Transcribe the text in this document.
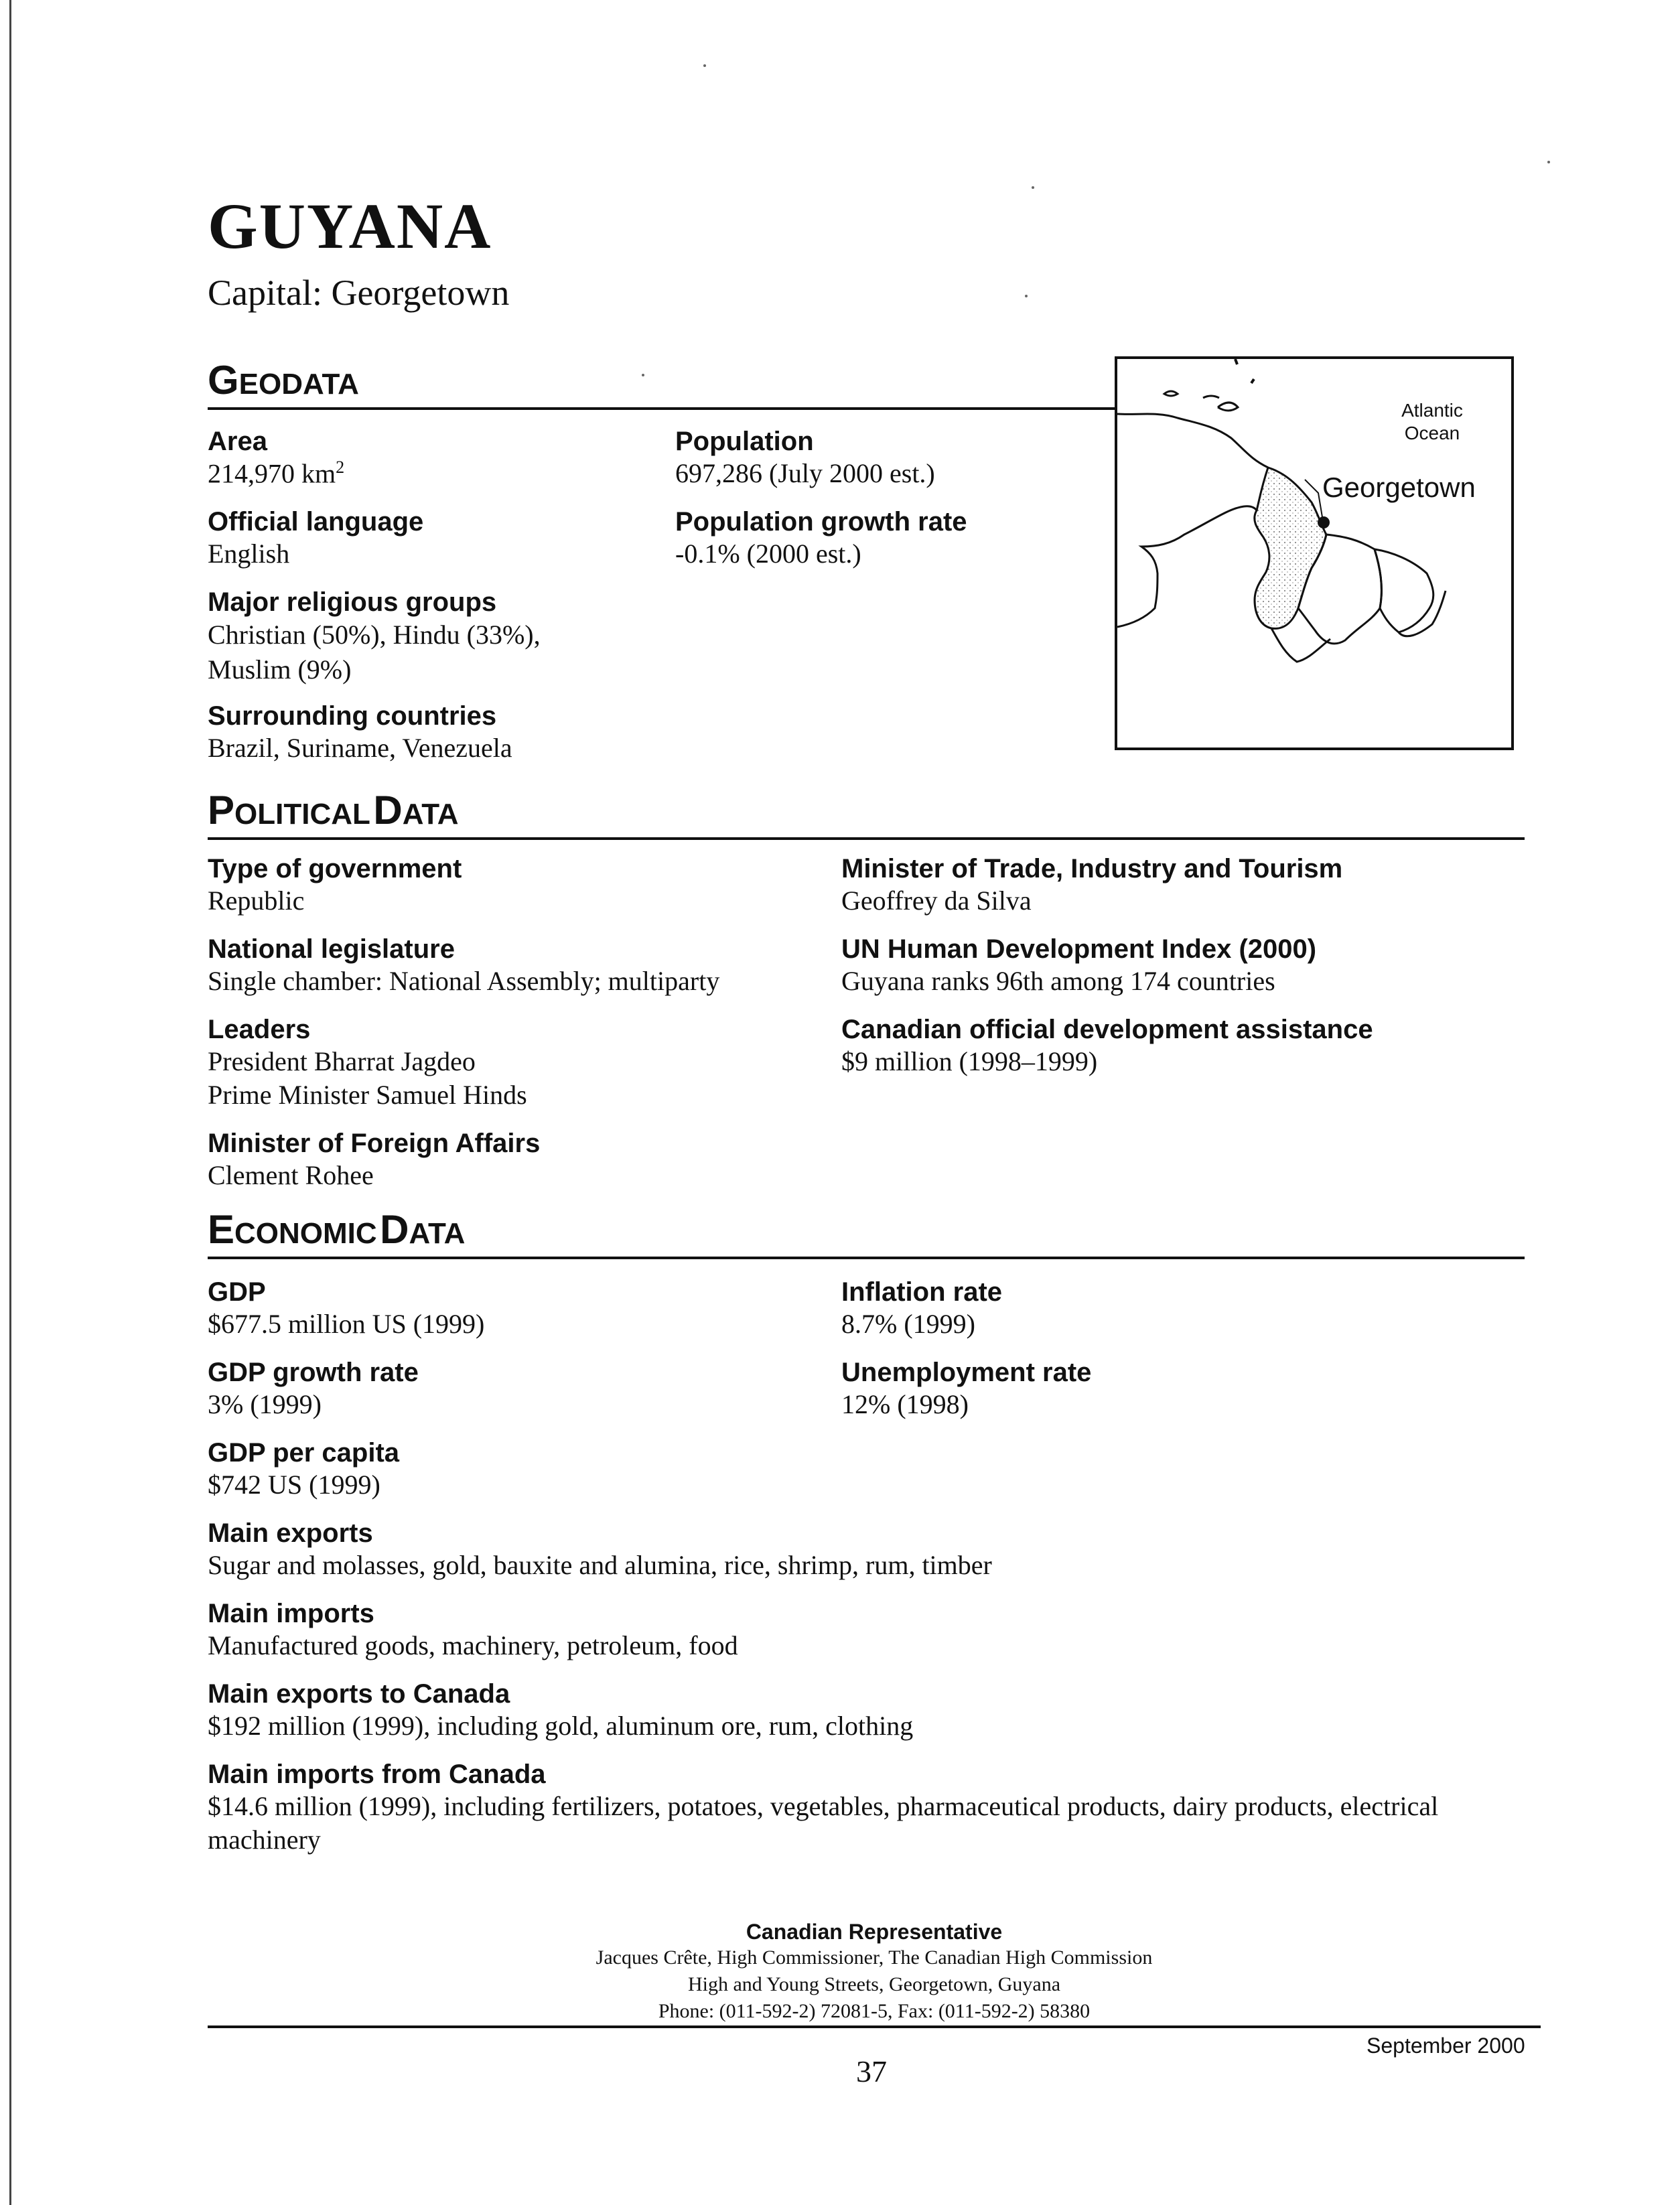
GUYANA
Capital: Georgetown
GEODATA
Area
214,970 $km^2$
Official language
English
Major religious groups
Christian (50%), Hindu (33%), Muslim (9%)
Surrounding countries
Brazil, Suriname, Venezuela
Population
697,286 (July 2000 est.)
Population growth rate
-0.1% (2000 est.)
Atlantic
Ocean
Georgetown
POLITICAL DATA
Type of government
Republic
National legislature
Single chamber: National Assembly; multiparty
Leaders
President Bharrat Jagdeo
Prime Minister Samuel Hinds
Minister of Foreign Affairs
Clement Rohee
Minister of Trade, Industry and Tourism
Geoffrey da Silva
UN Human Development Index (2000)
Guyana ranks 96th among 174 countries
Canadian official development assistance
$9 million (1998–1999)
ECONOMIC DATA
GDP
$677.5 million US (1999)
GDP growth rate
3% (1999)
GDP per capita
$742 US (1999)
Inflation rate
8.7% (1999)
Unemployment rate
12% (1998)
Main exports
Sugar and molasses, gold, bauxite and alumina, rice, shrimp, rum, timber
Main imports
Manufactured goods, machinery, petroleum, food
Main exports to Canada
$192 million (1999), including gold, aluminum ore, rum, clothing
Main imports from Canada
$14.6 million (1999), including fertilizers, potatoes, vegetables, pharmaceutical products, dairy products, electrical machinery
Canadian Representative
Jacques Crête, High Commissioner, The Canadian High Commission
High and Young Streets, Georgetown, Guyana
Phone: (011-592-2) 72081-5, Fax: (011-592-2) 58380
September 2000
37
